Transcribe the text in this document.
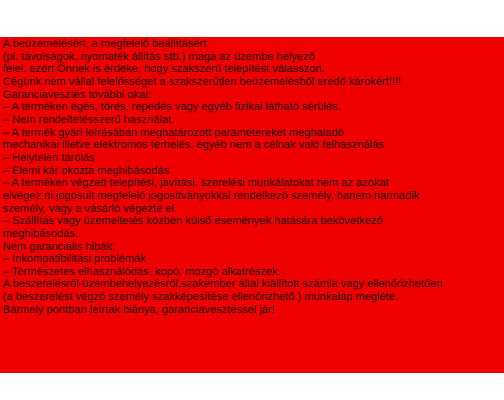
A beüzemelésért, a megfelelő beállításért
(pl. távolságok, nyomaték állítás stb.) maga az üzembe helyező
felel, ezért Önnek is érdeke, hogy szakszerű telepítést válasszon.
Cégünk nem vállal felelősséget a szakszerűtlen beüzemelésből eredő károkért!!!!
Garanciavesztés további okai:
– A terméken égés, törés, repedés vagy egyéb fizikai látható sérülés.
– Nem rendeltetésszerű használat.
– A termék gyári leírásában meghatározott paramétereket meghaladó
mechanikai illetve elektromos terhelés, egyéb nem a célnak való felhasználás
– Helytelen tárolás
– Elemi kár okozta meghibásodás
– A terméken végzett telepítési, javítási, szerelési munkálatokat nem az azokat
elvégez ni jogosult megfelelő jogosítványokkal rendelkező személy, hanem harmadik
személy, vagy a vásárló végezte el.
– Szállítás vagy üzemeltetés közben külső események hatására bekövetkező
meghibásodás.
Nem garanciális hibák:
– Inkompatibilitási problémák
– Természetes elhasználódás, kopó, mozgó alkatrészek.
A beszerelésről-üzembehelyezésről,szakember által kiállított számla vagy ellenőrizhetően
(a beszerelést végző személy szakképesítése ellenőrizhető.) munkalap megléte.
Bármely pontban leírtak hiánya, garanciavesztéssel jár!
